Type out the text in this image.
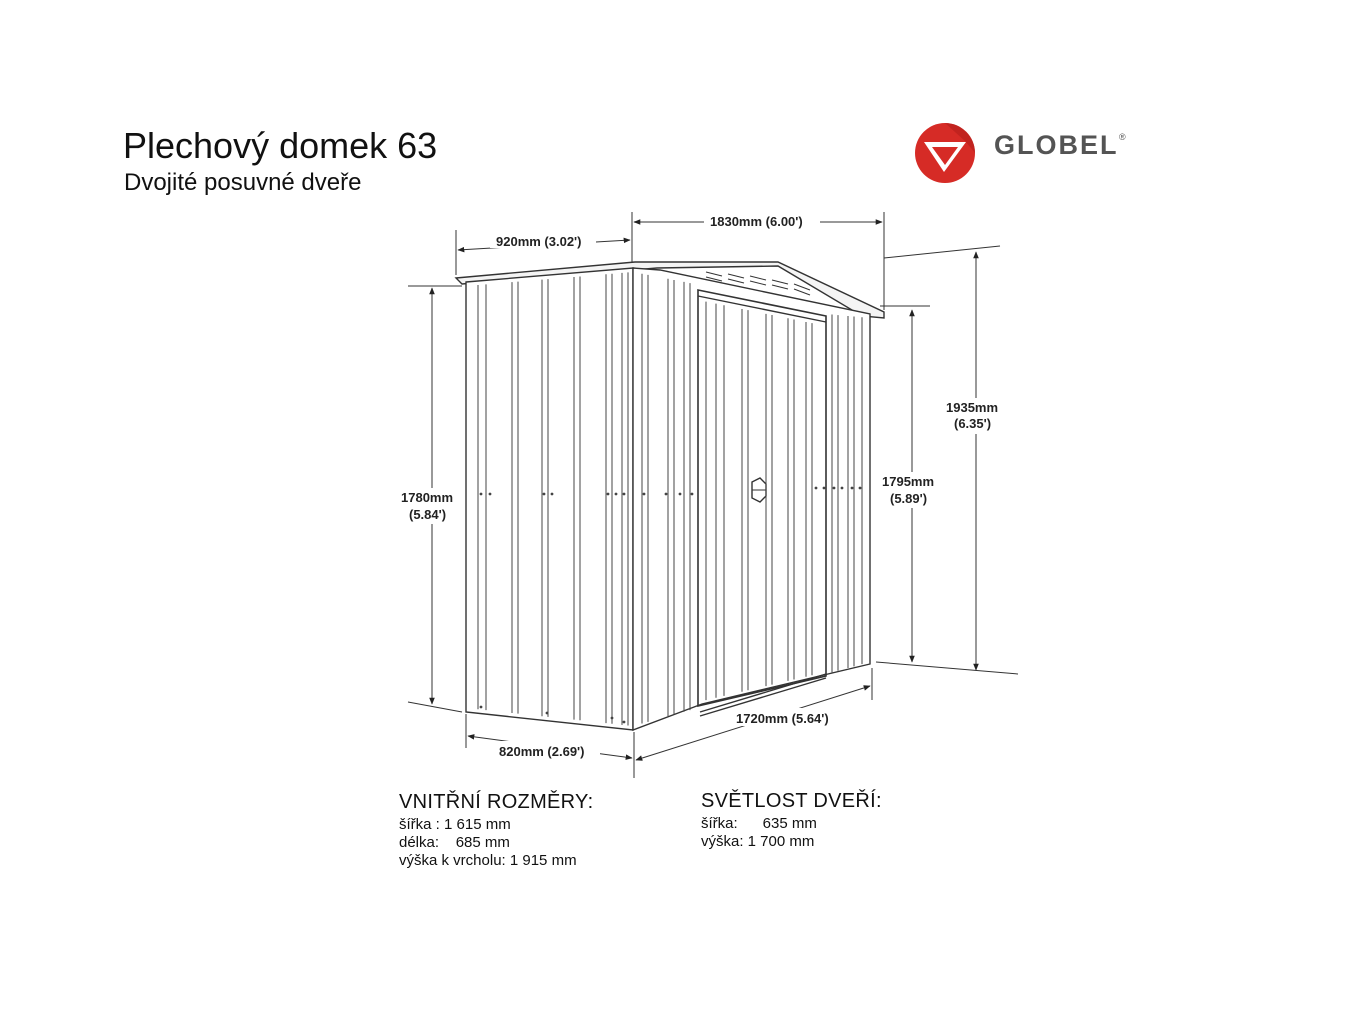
Plechový domek 63
Dvojité posuvné dveře
GLOBEL ®
1830mm (6.00')
920mm (3.02')
1935mm
(6.35')
1795mm
(5.89')
1780mm
(5.84')
1720mm (5.64')
820mm (2.69')
VNITŘNÍ ROZMĚRY:
šířka : 1 615 mm
délka:    685 mm
výška k vrcholu: 1 915 mm
SVĚTLOST DVEŘÍ:
šířka:      635 mm
výška: 1 700 mm
